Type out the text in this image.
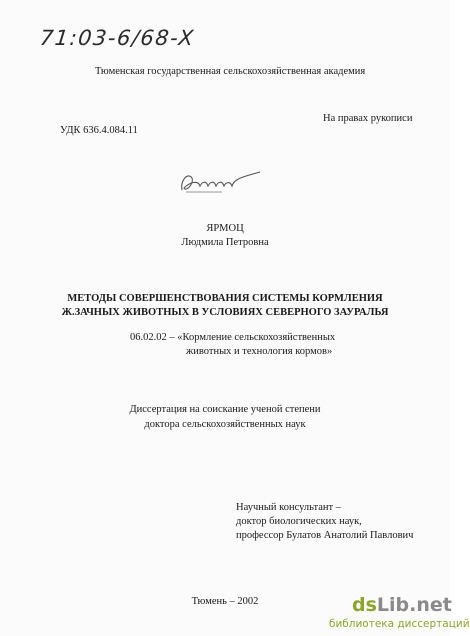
71:03-6/68-X
Тюменская государственная сельскохозяйственная академия
УДК 636.4.084.11
На правах рукописи
ЯРМОЦ
Людмила Петровна
МЕТОДЫ СОВЕРШЕНСТВОВАНИЯ СИСТЕМЫ КОРМЛЕНИЯ
Ж.ЗАЧНЫХ ЖИВОТНЫХ В УСЛОВИЯХ СЕВЕРНОГО ЗАУРАЛЬЯ
06.02.02 – «Кормление сельскохозяйственных
животных и технология кормов»
Диссертация на соискание ученой степени
доктора сельскохозяйственных наук
Научный консультант –
доктор биологических наук,
профессор Булатов Анатолий Павлович
Тюмень – 2002	dsLib.net
библиотека диссертаций
